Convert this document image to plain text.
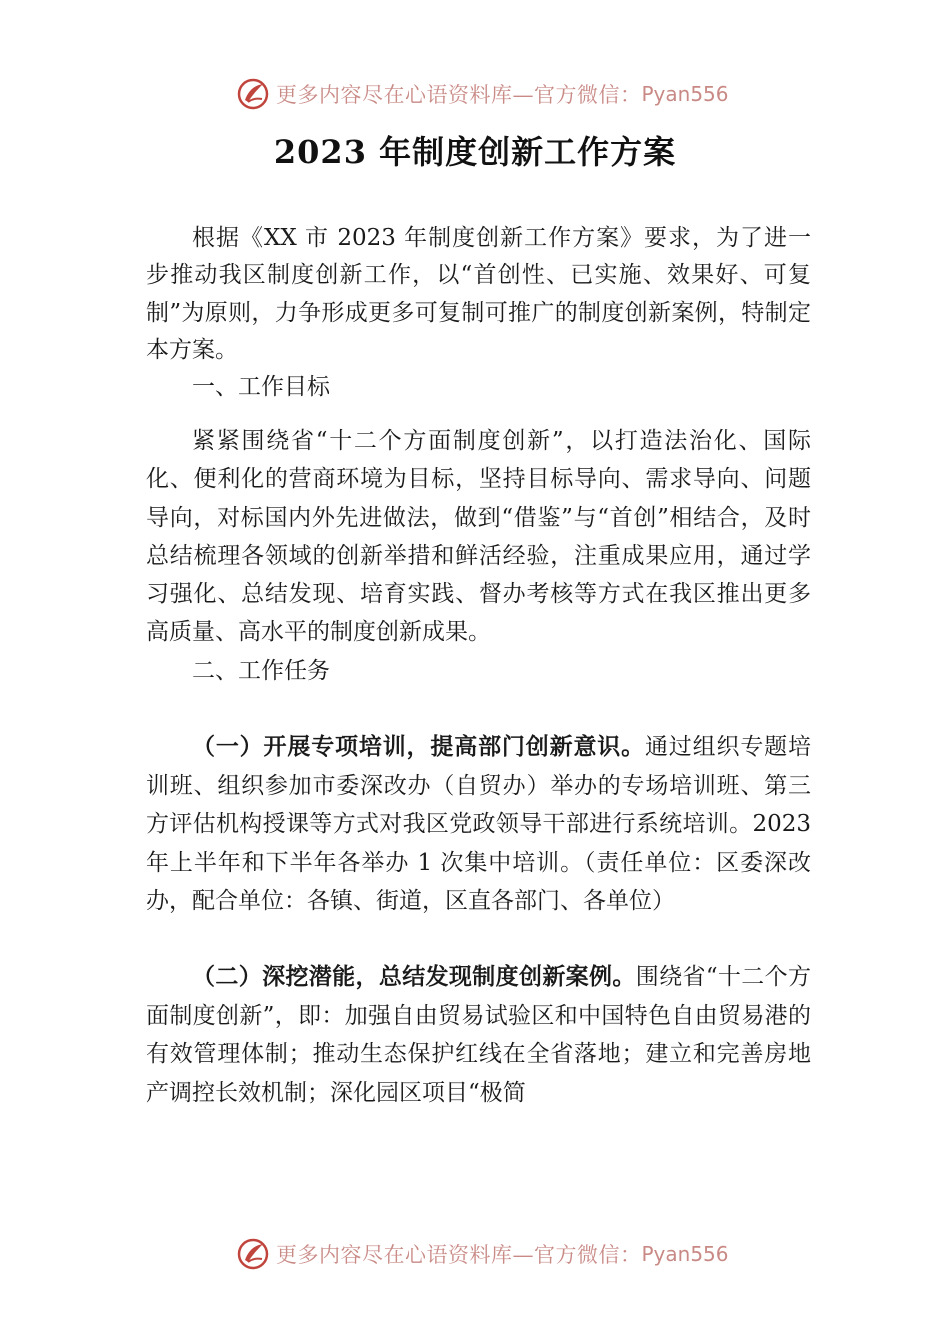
更多内容尽在心语资料库—官方微信： Pyan556
2023 年制度创新工作方案

根据《XX 市 2023 年制度创新工作方案》要求，为了进一步推动我区制度创新工作，以“首创性、已实施、效果好、可复制”为原则，力争形成更多可复制可推广的制度创新案例，特制定本方案。

一、工作目标

紧紧围绕省“十二个方面制度创新”，以打造法治化、国际化、便利化的营商环境为目标，坚持目标导向、需求导向、问题导向，对标国内外先进做法，做到“借鉴”与“首创”相结合，及时总结梳理各领域的创新举措和鲜活经验，注重成果应用，通过学习强化、总结发现、培育实践、督办考核等方式在我区推出更多高质量、高水平的制度创新成果。

二、工作任务

（一）开展专项培训，提高部门创新意识。通过组织专题培训班、组织参加市委深改办（自贸办）举办的专场培训班、第三方评估机构授课等方式对我区党政领导干部进行系统培训。2023 年上半年和下半年各举办 1 次集中培训。（责任单位：区委深改办，配合单位：各镇、街道，区直各部门、各单位）

（二）深挖潜能，总结发现制度创新案例。围绕省“十二个方面制度创新”，即：加强自由贸易试验区和中国特色自由贸易港的有效管理体制；推动生态保护红线在全省落地；建立和完善房地产调控长效机制；深化园区项目“极简

更多内容尽在心语资料库—官方微信： Pyan556
